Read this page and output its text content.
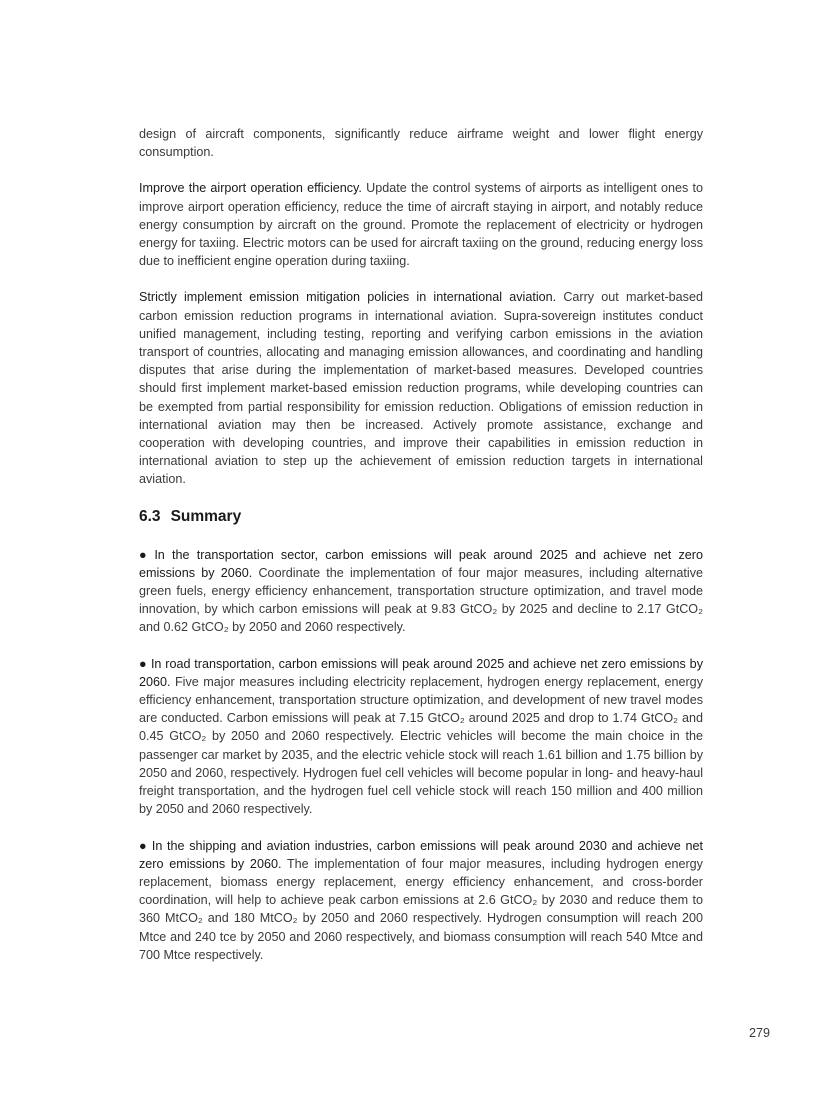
design of aircraft components, significantly reduce airframe weight and lower flight energy consumption.

Improve the airport operation efficiency. Update the control systems of airports as intelligent ones to improve airport operation efficiency, reduce the time of aircraft staying in airport, and notably reduce energy consumption by aircraft on the ground. Promote the replacement of electricity or hydrogen energy for taxiing. Electric motors can be used for aircraft taxiing on the ground, reducing energy loss due to inefficient engine operation during taxiing.

Strictly implement emission mitigation policies in international aviation. Carry out market-based carbon emission reduction programs in international aviation. Supra-sovereign institutes conduct unified management, including testing, reporting and verifying carbon emissions in the aviation transport of countries, allocating and managing emission allowances, and coordinating and handling disputes that arise during the implementation of market-based measures. Developed countries should first implement market-based emission reduction programs, while developing countries can be exempted from partial responsibility for emission reduction. Obligations of emission reduction in international aviation may then be increased. Actively promote assistance, exchange and cooperation with developing countries, and improve their capabilities in emission reduction in international aviation to step up the achievement of emission reduction targets in international aviation.

6.3 Summary

● In the transportation sector, carbon emissions will peak around 2025 and achieve net zero emissions by 2060. Coordinate the implementation of four major measures, including alternative green fuels, energy efficiency enhancement, transportation structure optimization, and travel mode innovation, by which carbon emissions will peak at 9.83 GtCO₂ by 2025 and decline to 2.17 GtCO₂ and 0.62 GtCO₂ by 2050 and 2060 respectively.

● In road transportation, carbon emissions will peak around 2025 and achieve net zero emissions by 2060. Five major measures including electricity replacement, hydrogen energy replacement, energy efficiency enhancement, transportation structure optimization, and development of new travel modes are conducted. Carbon emissions will peak at 7.15 GtCO₂ around 2025 and drop to 1.74 GtCO₂ and 0.45 GtCO₂ by 2050 and 2060 respectively. Electric vehicles will become the main choice in the passenger car market by 2035, and the electric vehicle stock will reach 1.61 billion and 1.75 billion by 2050 and 2060, respectively. Hydrogen fuel cell vehicles will become popular in long- and heavy-haul freight transportation, and the hydrogen fuel cell vehicle stock will reach 150 million and 400 million by 2050 and 2060 respectively.

● In the shipping and aviation industries, carbon emissions will peak around 2030 and achieve net zero emissions by 2060. The implementation of four major measures, including hydrogen energy replacement, biomass energy replacement, energy efficiency enhancement, and cross-border coordination, will help to achieve peak carbon emissions at 2.6 GtCO₂ by 2030 and reduce them to 360 MtCO₂ and 180 MtCO₂ by 2050 and 2060 respectively. Hydrogen consumption will reach 200 Mtce and 240 tce by 2050 and 2060 respectively, and biomass consumption will reach 540 Mtce and 700 Mtce respectively.

279
